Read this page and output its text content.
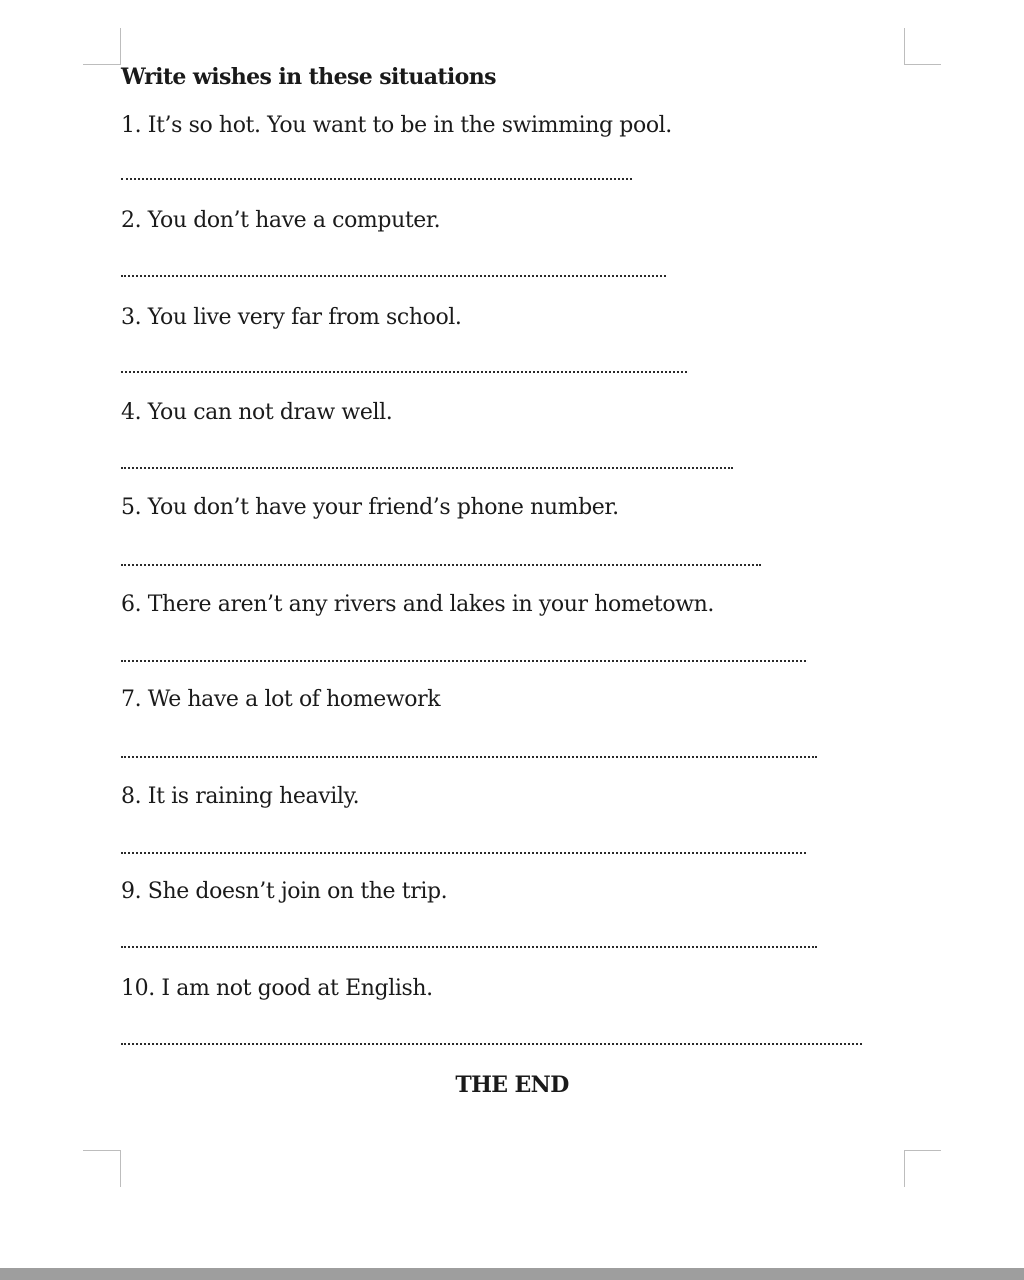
Write wishes in these situations
1. It’s so hot. You want to be in the swimming pool.
2. You don’t have a computer.
3. You live very far from school.
4. You can not draw well.
5. You don’t have your friend’s phone number.
6. There aren’t any rivers and lakes in your hometown.
7. We have a lot of homework
8. It is raining heavily.
9. She doesn’t join on the trip.
10. I am not good at English.
THE END
